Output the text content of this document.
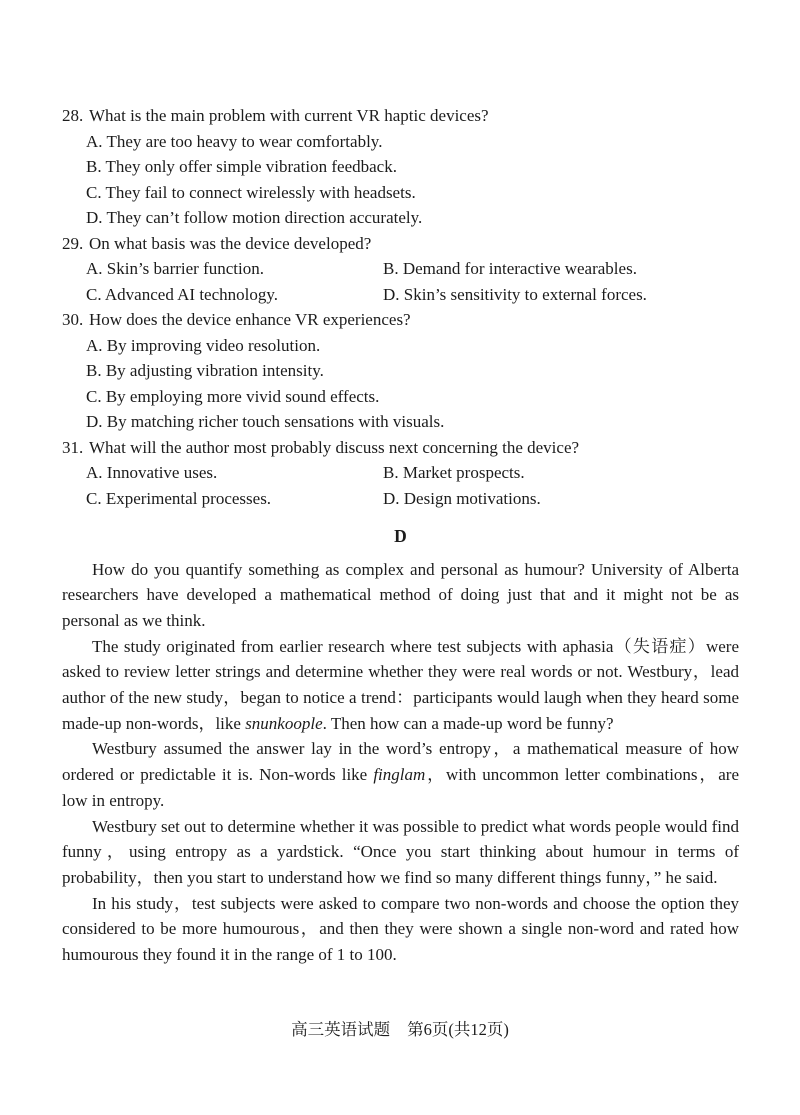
28. What is the main problem with current VR haptic devices?

A. They are too heavy to wear comfortably.

B. They only offer simple vibration feedback.

C. They fail to connect wirelessly with headsets.

D. They can’t follow motion direction accurately.

29. On what basis was the device developed?

A. Skin’s barrier function.	B. Demand for interactive wearables.
C. Advanced AI technology.	D. Skin’s sensitivity to external forces.

30. How does the device enhance VR experiences?

A. By improving video resolution.

B. By adjusting vibration intensity.

C. By employing more vivid sound effects.

D. By matching richer touch sensations with visuals.

31. What will the author most probably discuss next concerning the device?

A. Innovative uses.	B. Market prospects.
C. Experimental processes.	D. Design motivations.
D

How do you quantify something as complex and personal as humour? University of Alberta researchers have developed a mathematical method of doing just that and it might not be as personal as we think.

The study originated from earlier research where test subjects with aphasia（失语症）were asked to review letter strings and determine whether they were real words or not. Westbury，lead author of the new study，began to notice a trend：participants would laugh when they heard some made-up non-words，like snunkoople. Then how can a made-up word be funny?

Westbury assumed the answer lay in the word’s entropy，a mathematical measure of how ordered or predictable it is. Non-words like finglam，with uncommon letter combinations，are low in entropy.

Westbury set out to determine whether it was possible to predict what words people would find funny，using entropy as a yardstick. “Once you start thinking about humour in terms of probability，then you start to understand how we find so many different things funny，” he said.

In his study，test subjects were asked to compare two non-words and choose the option they considered to be more humourous，and then they were shown a single non-word and rated how humourous they found it in the range of 1 to 100.

高三英语试题 第6页(共12页)
